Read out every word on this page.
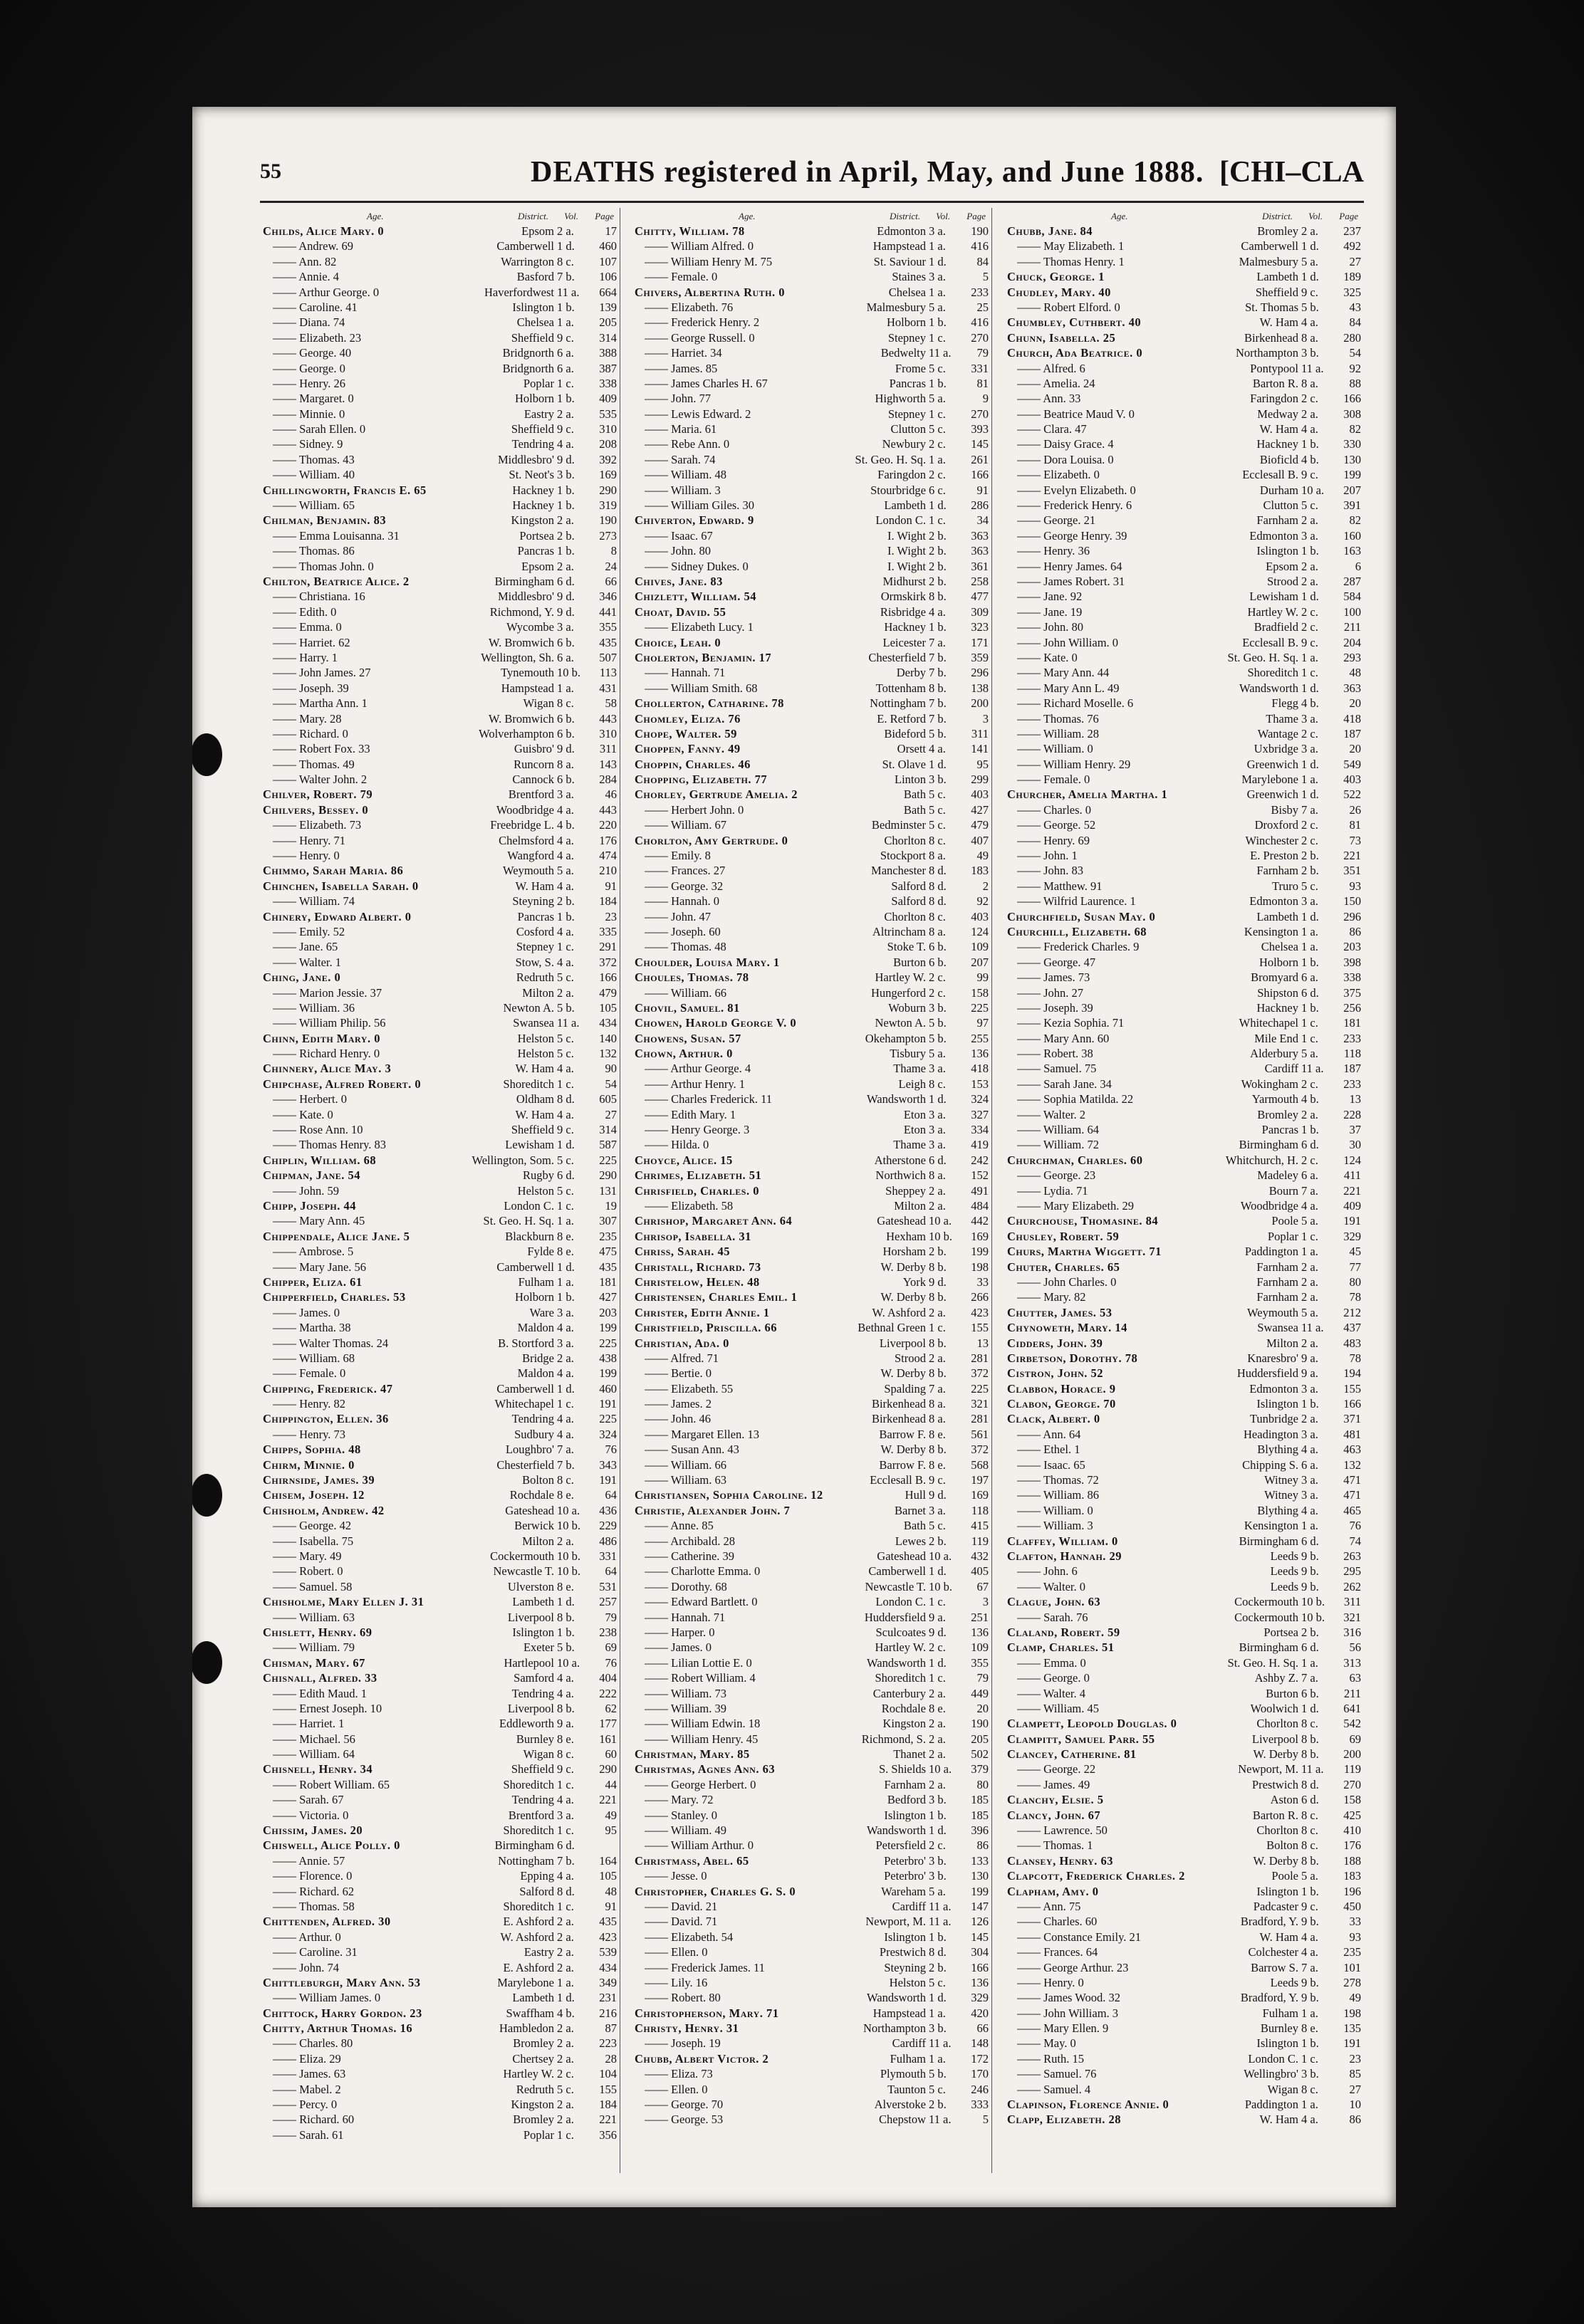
55	DEATHS registered in April, May, and June 1888. [CHI–CLA
Age.	District. Vol. Page
Childs, Alice Mary. 0	Epsom 2 a.	17
—— Andrew. 69	Camberwell 1 d.	460
—— Ann. 82	Warrington 8 c.	107
—— Annie. 4	Basford 7 b.	106
—— Arthur George. 0	Haverfordwest 11 a.	664
—— Caroline. 41	Islington 1 b.	139
—— Diana. 74	Chelsea 1 a.	205
—— Elizabeth. 23	Sheffield 9 c.	314
—— George. 40	Bridgnorth 6 a.	388
—— George. 0	Bridgnorth 6 a.	387
—— Henry. 26	Poplar 1 c.	338
—— Margaret. 0	Holborn 1 b.	409
—— Minnie. 0	Eastry 2 a.	535
—— Sarah Ellen. 0	Sheffield 9 c.	310
—— Sidney. 9	Tendring 4 a.	208
—— Thomas. 43	Middlesbro' 9 d.	392
—— William. 40	St. Neot's 3 b.	169
Chillingworth, Francis E. 65	Hackney 1 b.	290
—— William. 65	Hackney 1 b.	319
Chilman, Benjamin. 83	Kingston 2 a.	190
—— Emma Louisanna. 31	Portsea 2 b.	273
—— Thomas. 86	Pancras 1 b.	8
—— Thomas John. 0	Epsom 2 a.	24
Chilton, Beatrice Alice. 2	Birmingham 6 d.	66
—— Christiana. 16	Middlesbro' 9 d.	346
—— Edith. 0	Richmond, Y. 9 d.	441
—— Emma. 0	Wycombe 3 a.	355
—— Harriet. 62	W. Bromwich 6 b.	435
—— Harry. 1	Wellington, Sh. 6 a.	507
—— John James. 27	Tynemouth 10 b.	113
—— Joseph. 39	Hampstead 1 a.	431
—— Martha Ann. 1	Wigan 8 c.	58
—— Mary. 28	W. Bromwich 6 b.	443
—— Richard. 0	Wolverhampton 6 b.	310
—— Robert Fox. 33	Guisbro' 9 d.	311
—— Thomas. 49	Runcorn 8 a.	143
—— Walter John. 2	Cannock 6 b.	284
Chilver, Robert. 79	Brentford 3 a.	46
Chilvers, Bessey. 0	Woodbridge 4 a.	443
—— Elizabeth. 73	Freebridge L. 4 b.	220
—— Henry. 71	Chelmsford 4 a.	176
—— Henry. 0	Wangford 4 a.	474
Chimmo, Sarah Maria. 86	Weymouth 5 a.	210
Chinchen, Isabella Sarah. 0	W. Ham 4 a.	91
—— William. 74	Steyning 2 b.	184
Chinery, Edward Albert. 0	Pancras 1 b.	23
—— Emily. 52	Cosford 4 a.	335
—— Jane. 65	Stepney 1 c.	291
—— Walter. 1	Stow, S. 4 a.	372
Ching, Jane. 0	Redruth 5 c.	166
—— Marion Jessie. 37	Milton 2 a.	479
—— William. 36	Newton A. 5 b.	105
—— William Philip. 56	Swansea 11 a.	434
Chinn, Edith Mary. 0	Helston 5 c.	140
—— Richard Henry. 0	Helston 5 c.	132
Chinnery, Alice May. 3	W. Ham 4 a.	90
Chipchase, Alfred Robert. 0	Shoreditch 1 c.	54
—— Herbert. 0	Oldham 8 d.	605
—— Kate. 0	W. Ham 4 a.	27
—— Rose Ann. 10	Sheffield 9 c.	314
—— Thomas Henry. 83	Lewisham 1 d.	587
Chiplin, William. 68	Wellington, Som. 5 c.	225
Chipman, Jane. 54	Rugby 6 d.	290
—— John. 59	Helston 5 c.	131
Chipp, Joseph. 44	London C. 1 c.	19
—— Mary Ann. 45	St. Geo. H. Sq. 1 a.	307
Chippendale, Alice Jane. 5	Blackburn 8 e.	235
—— Ambrose. 5	Fylde 8 e.	475
—— Mary Jane. 56	Camberwell 1 d.	435
Chipper, Eliza. 61	Fulham 1 a.	181
Chipperfield, Charles. 53	Holborn 1 b.	427
—— James. 0	Ware 3 a.	203
—— Martha. 38	Maldon 4 a.	199
—— Walter Thomas. 24	B. Stortford 3 a.	225
—— William. 68	Bridge 2 a.	438
—— Female. 0	Maldon 4 a.	199
Chipping, Frederick. 47	Camberwell 1 d.	460
—— Henry. 82	Whitechapel 1 c.	191
Chippington, Ellen. 36	Tendring 4 a.	225
—— Henry. 73	Sudbury 4 a.	324
Chipps, Sophia. 48	Loughbro' 7 a.	76
Chirm, Minnie. 0	Chesterfield 7 b.	343
Chirnside, James. 39	Bolton 8 c.	191
Chisem, Joseph. 12	Rochdale 8 e.	64
Chisholm, Andrew. 42	Gateshead 10 a.	436
—— George. 42	Berwick 10 b.	229
—— Isabella. 75	Milton 2 a.	486
—— Mary. 49	Cockermouth 10 b.	331
—— Robert. 0	Newcastle T. 10 b.	64
—— Samuel. 58	Ulverston 8 e.	531
Chisholme, Mary Ellen J. 31	Lambeth 1 d.	257
—— William. 63	Liverpool 8 b.	79
Chislett, Henry. 69	Islington 1 b.	238
—— William. 79	Exeter 5 b.	69
Chisman, Mary. 67	Hartlepool 10 a.	76
Chisnall, Alfred. 33	Samford 4 a.	404
—— Edith Maud. 1	Tendring 4 a.	222
—— Ernest Joseph. 10	Liverpool 8 b.	62
—— Harriet. 1	Eddleworth 9 a.	177
—— Michael. 56	Burnley 8 e.	161
—— William. 64	Wigan 8 c.	60
Chisnell, Henry. 34	Sheffield 9 c.	290
—— Robert William. 65	Shoreditch 1 c.	44
—— Sarah. 67	Tendring 4 a.	221
—— Victoria. 0	Brentford 3 a.	49
Chissim, James. 20	Shoreditch 1 c.	95
Chiswell, Alice Polly. 0	Birmingham 6 d.
—— Annie. 57	Nottingham 7 b.	164
—— Florence. 0	Epping 4 a.	105
—— Richard. 62	Salford 8 d.	48
—— Thomas. 58	Shoreditch 1 c.	91
Chittenden, Alfred. 30	E. Ashford 2 a.	435
—— Arthur. 0	W. Ashford 2 a.	423
—— Caroline. 31	Eastry 2 a.	539
—— John. 74	E. Ashford 2 a.	434
Chittleburgh, Mary Ann. 53	Marylebone 1 a.	349
—— William James. 0	Lambeth 1 d.	231
Chittock, Harry Gordon. 23	Swaffham 4 b.	216
Chitty, Arthur Thomas. 16	Hambledon 2 a.	87
—— Charles. 80	Bromley 2 a.	223
—— Eliza. 29	Chertsey 2 a.	28
—— James. 63	Hartley W. 2 c.	104
—— Mabel. 2	Redruth 5 c.	155
—— Percy. 0	Kingston 2 a.	184
—— Richard. 60	Bromley 2 a.	221
—— Sarah. 61	Poplar 1 c.	356
Age.	District. Vol. Page
Chitty, William. 78	Edmonton 3 a.	190
—— William Alfred. 0	Hampstead 1 a.	416
—— William Henry M. 75	St. Saviour 1 d.	84
—— Female. 0	Staines 3 a.	5
Chivers, Albertina Ruth. 0	Chelsea 1 a.	233
—— Elizabeth. 76	Malmesbury 5 a.	25
—— Frederick Henry. 2	Holborn 1 b.	416
—— George Russell. 0	Stepney 1 c.	270
—— Harriet. 34	Bedwelty 11 a.	79
—— James. 85	Frome 5 c.	331
—— James Charles H. 67	Pancras 1 b.	81
—— John. 77	Highworth 5 a.	9
—— Lewis Edward. 2	Stepney 1 c.	270
—— Maria. 61	Clutton 5 c.	393
—— Rebe Ann. 0	Newbury 2 c.	145
—— Sarah. 74	St. Geo. H. Sq. 1 a.	261
—— William. 48	Faringdon 2 c.	166
—— William. 3	Stourbridge 6 c.	91
—— William Giles. 30	Lambeth 1 d.	286
Chiverton, Edward. 9	London C. 1 c.	34
—— Isaac. 67	I. Wight 2 b.	363
—— John. 80	I. Wight 2 b.	363
—— Sidney Dukes. 0	I. Wight 2 b.	361
Chives, Jane. 83	Midhurst 2 b.	258
Chizlett, William. 54	Ormskirk 8 b.	477
Choat, David. 55	Risbridge 4 a.	309
—— Elizabeth Lucy. 1	Hackney 1 b.	323
Choice, Leah. 0	Leicester 7 a.	171
Cholerton, Benjamin. 17	Chesterfield 7 b.	359
—— Hannah. 71	Derby 7 b.	296
—— William Smith. 68	Tottenham 8 b.	138
Chollerton, Catharine. 78	Nottingham 7 b.	200
Chomley, Eliza. 76	E. Retford 7 b.	3
Chope, Walter. 59	Bideford 5 b.	311
Choppen, Fanny. 49	Orsett 4 a.	141
Choppin, Charles. 46	St. Olave 1 d.	95
Chopping, Elizabeth. 77	Linton 3 b.	299
Chorley, Gertrude Amelia. 2	Bath 5 c.	403
—— Herbert John. 0	Bath 5 c.	427
—— William. 67	Bedminster 5 c.	479
Chorlton, Amy Gertrude. 0	Chorlton 8 c.	407
—— Emily. 8	Stockport 8 a.	49
—— Frances. 27	Manchester 8 d.	183
—— George. 32	Salford 8 d.	2
—— Hannah. 0	Salford 8 d.	92
—— John. 47	Chorlton 8 c.	403
—— Joseph. 60	Altrincham 8 a.	124
—— Thomas. 48	Stoke T. 6 b.	109
Choulder, Louisa Mary. 1	Burton 6 b.	207
Choules, Thomas. 78	Hartley W. 2 c.	99
—— William. 66	Hungerford 2 c.	158
Chovil, Samuel. 81	Woburn 3 b.	225
Chowen, Harold George V. 0	Newton A. 5 b.	97
Chowens, Susan. 57	Okehampton 5 b.	255
Chown, Arthur. 0	Tisbury 5 a.	136
—— Arthur George. 4	Thame 3 a.	418
—— Arthur Henry. 1	Leigh 8 c.	153
—— Charles Frederick. 11	Wandsworth 1 d.	324
—— Edith Mary. 1	Eton 3 a.	327
—— Henry George. 3	Eton 3 a.	334
—— Hilda. 0	Thame 3 a.	419
Choyce, Alice. 15	Atherstone 6 d.	242
Chrimes, Elizabeth. 51	Northwich 8 a.	152
Chrisfield, Charles. 0	Sheppey 2 a.	491
—— Elizabeth. 58	Milton 2 a.	484
Chrishop, Margaret Ann. 64	Gateshead 10 a.	442
Chrisop, Isabella. 31	Hexham 10 b.	169
Chriss, Sarah. 45	Horsham 2 b.	199
Christall, Richard. 73	W. Derby 8 b.	198
Christelow, Helen. 48	York 9 d.	33
Christensen, Charles Emil. 1	W. Derby 8 b.	266
Christer, Edith Annie. 1	W. Ashford 2 a.	423
Christfield, Priscilla. 66	Bethnal Green 1 c.	155
Christian, Ada. 0	Liverpool 8 b.	13
—— Alfred. 71	Strood 2 a.	281
—— Bertie. 0	W. Derby 8 b.	372
—— Elizabeth. 55	Spalding 7 a.	225
—— James. 2	Birkenhead 8 a.	321
—— John. 46	Birkenhead 8 a.	281
—— Margaret Ellen. 13	Barrow F. 8 e.	561
—— Susan Ann. 43	W. Derby 8 b.	372
—— William. 66	Barrow F. 8 e.	568
—— William. 63	Ecclesall B. 9 c.	197
Christiansen, Sophia Caroline. 12	Hull 9 d.	169
Christie, Alexander John. 7	Barnet 3 a.	118
—— Anne. 85	Bath 5 c.	415
—— Archibald. 28	Lewes 2 b.	119
—— Catherine. 39	Gateshead 10 a.	432
—— Charlotte Emma. 0	Camberwell 1 d.	405
—— Dorothy. 68	Newcastle T. 10 b.	67
—— Edward Bartlett. 0	London C. 1 c.	3
—— Hannah. 71	Huddersfield 9 a.	251
—— Harper. 0	Sculcoates 9 d.	136
—— James. 0	Hartley W. 2 c.	109
—— Lilian Lottie E. 0	Wandsworth 1 d.	355
—— Robert William. 4	Shoreditch 1 c.	79
—— William. 73	Canterbury 2 a.	449
—— William. 39	Rochdale 8 e.	20
—— William Edwin. 18	Kingston 2 a.	190
—— William Henry. 45	Richmond, S. 2 a.	205
Christman, Mary. 85	Thanet 2 a.	502
Christmas, Agnes Ann. 63	S. Shields 10 a.	379
—— George Herbert. 0	Farnham 2 a.	80
—— Mary. 72	Bedford 3 b.	185
—— Stanley. 0	Islington 1 b.	185
—— William. 49	Wandsworth 1 d.	396
—— William Arthur. 0	Petersfield 2 c.	86
Christmass, Abel. 65	Peterbro' 3 b.	133
—— Jesse. 0	Peterbro' 3 b.	130
Christopher, Charles G. S. 0	Wareham 5 a.	199
—— David. 21	Cardiff 11 a.	147
—— David. 71	Newport, M. 11 a.	126
—— Elizabeth. 54	Islington 1 b.	145
—— Ellen. 0	Prestwich 8 d.	304
—— Frederick James. 11	Steyning 2 b.	166
—— Lily. 16	Helston 5 c.	136
—— Robert. 80	Wandsworth 1 d.	329
Christopherson, Mary. 71	Hampstead 1 a.	420
Christy, Henry. 31	Northampton 3 b.	66
—— Joseph. 19	Cardiff 11 a.	148
Chubb, Albert Victor. 2	Fulham 1 a.	172
—— Eliza. 73	Plymouth 5 b.	170
—— Ellen. 0	Taunton 5 c.	246
—— George. 70	Alverstoke 2 b.	333
—— George. 53	Chepstow 11 a.	5
Age.	District. Vol. Page
Chubb, Jane. 84	Bromley 2 a.	237
—— May Elizabeth. 1	Camberwell 1 d.	492
—— Thomas Henry. 1	Malmesbury 5 a.	27
Chuck, George. 1	Lambeth 1 d.	189
Chudley, Mary. 40	Sheffield 9 c.	325
—— Robert Elford. 0	St. Thomas 5 b.	43
Chumbley, Cuthbert. 40	W. Ham 4 a.	84
Chunn, Isabella. 25	Birkenhead 8 a.	280
Church, Ada Beatrice. 0	Northampton 3 b.	54
—— Alfred. 6	Pontypool 11 a.	92
—— Amelia. 24	Barton R. 8 a.	88
—— Ann. 33	Faringdon 2 c.	166
—— Beatrice Maud V. 0	Medway 2 a.	308
—— Clara. 47	W. Ham 4 a.	82
—— Daisy Grace. 4	Hackney 1 b.	330
—— Dora Louisa. 0	Bioficld 4 b.	130
—— Elizabeth. 0	Ecclesall B. 9 c.	199
—— Evelyn Elizabeth. 0	Durham 10 a.	207
—— Frederick Henry. 6	Clutton 5 c.	391
—— George. 21	Farnham 2 a.	82
—— George Henry. 39	Edmonton 3 a.	160
—— Henry. 36	Islington 1 b.	163
—— Henry James. 64	Epsom 2 a.	6
—— James Robert. 31	Strood 2 a.	287
—— Jane. 92	Lewisham 1 d.	584
—— Jane. 19	Hartley W. 2 c.	100
—— John. 80	Bradfield 2 c.	211
—— John William. 0	Ecclesall B. 9 c.	204
—— Kate. 0	St. Geo. H. Sq. 1 a.	293
—— Mary Ann. 44	Shoreditch 1 c.	48
—— Mary Ann L. 49	Wandsworth 1 d.	363
—— Richard Moselle. 6	Flegg 4 b.	20
—— Thomas. 76	Thame 3 a.	418
—— William. 28	Wantage 2 c.	187
—— William. 0	Uxbridge 3 a.	20
—— William Henry. 29	Greenwich 1 d.	549
—— Female. 0	Marylebone 1 a.	403
Churcher, Amelia Martha. 1	Greenwich 1 d.	522
—— Charles. 0	Bisby 7 a.	26
—— George. 52	Droxford 2 c.	81
—— Henry. 69	Winchester 2 c.	73
—— John. 1	E. Preston 2 b.	221
—— John. 83	Farnham 2 b.	351
—— Matthew. 91	Truro 5 c.	93
—— Wilfrid Laurence. 1	Edmonton 3 a.	150
Churchfield, Susan May. 0	Lambeth 1 d.	296
Churchill, Elizabeth. 68	Kensington 1 a.	86
—— Frederick Charles. 9	Chelsea 1 a.	203
—— George. 47	Holborn 1 b.	398
—— James. 73	Bromyard 6 a.	338
—— John. 27	Shipston 6 d.	375
—— Joseph. 39	Hackney 1 b.	256
—— Kezia Sophia. 71	Whitechapel 1 c.	181
—— Mary Ann. 60	Mile End 1 c.	233
—— Robert. 38	Alderbury 5 a.	118
—— Samuel. 75	Cardiff 11 a.	187
—— Sarah Jane. 34	Wokingham 2 c.	233
—— Sophia Matilda. 22	Yarmouth 4 b.	13
—— Walter. 2	Bromley 2 a.	228
—— William. 64	Pancras 1 b.	37
—— William. 72	Birmingham 6 d.	30
Churchman, Charles. 60	Whitchurch, H. 2 c.	124
—— George. 23	Madeley 6 a.	411
—— Lydia. 71	Bourn 7 a.	221
—— Mary Elizabeth. 29	Woodbridge 4 a.	409
Churchouse, Thomasine. 84	Poole 5 a.	191
Chusley, Robert. 59	Poplar 1 c.	329
Churs, Martha Wiggett. 71	Paddington 1 a.	45
Chuter, Charles. 65	Farnham 2 a.	77
—— John Charles. 0	Farnham 2 a.	80
—— Mary. 82	Farnham 2 a.	78
Chutter, James. 53	Weymouth 5 a.	212
Chynoweth, Mary. 14	Swansea 11 a.	437
Cidders, John. 39	Milton 2 a.	483
Cirbetson, Dorothy. 78	Knaresbro' 9 a.	78
Cistron, John. 52	Huddersfield 9 a.	194
Clabbon, Horace. 9	Edmonton 3 a.	155
Clabon, George. 70	Islington 1 b.	166
Clack, Albert. 0	Tunbridge 2 a.	371
—— Ann. 64	Headington 3 a.	481
—— Ethel. 1	Blything 4 a.	463
—— Isaac. 65	Chipping S. 6 a.	132
—— Thomas. 72	Witney 3 a.	471
—— William. 86	Witney 3 a.	471
—— William. 0	Blything 4 a.	465
—— William. 3	Kensington 1 a.	76
Claffey, William. 0	Birmingham 6 d.	74
Clafton, Hannah. 29	Leeds 9 b.	263
—— John. 6	Leeds 9 b.	295
—— Walter. 0	Leeds 9 b.	262
Clague, John. 63	Cockermouth 10 b.	311
—— Sarah. 76	Cockermouth 10 b.	321
Claland, Robert. 59	Portsea 2 b.	316
Clamp, Charles. 51	Birmingham 6 d.	56
—— Emma. 0	St. Geo. H. Sq. 1 a.	313
—— George. 0	Ashby Z. 7 a.	63
—— Walter. 4	Burton 6 b.	211
—— William. 45	Woolwich 1 d.	641
Clampett, Leopold Douglas. 0	Chorlton 8 c.	542
Clampitt, Samuel Parr. 55	Liverpool 8 b.	69
Clancey, Catherine. 81	W. Derby 8 b.	200
—— George. 22	Newport, M. 11 a.	119
—— James. 49	Prestwich 8 d.	270
Clanchy, Elsie. 5	Aston 6 d.	158
Clancy, John. 67	Barton R. 8 c.	425
—— Lawrence. 50	Chorlton 8 c.	410
—— Thomas. 1	Bolton 8 c.	176
Clansey, Henry. 63	W. Derby 8 b.	188
Clapcott, Frederick Charles. 2	Poole 5 a.	183
Clapham, Amy. 0	Islington 1 b.	196
—— Ann. 75	Padcaster 9 c.	450
—— Charles. 60	Bradford, Y. 9 b.	33
—— Constance Emily. 21	W. Ham 4 a.	93
—— Frances. 64	Colchester 4 a.	235
—— George Arthur. 23	Barrow S. 7 a.	101
—— Henry. 0	Leeds 9 b.	278
—— James Wood. 32	Bradford, Y. 9 b.	49
—— John William. 3	Fulham 1 a.	198
—— Mary Ellen. 9	Burnley 8 e.	135
—— May. 0	Islington 1 b.	191
—— Ruth. 15	London C. 1 c.	23
—— Samuel. 76	Wellingbro' 3 b.	85
—— Samuel. 4	Wigan 8 c.	27
Clapinson, Florence Annie. 0	Paddington 1 a.	10
Clapp, Elizabeth. 28	W. Ham 4 a.	86
